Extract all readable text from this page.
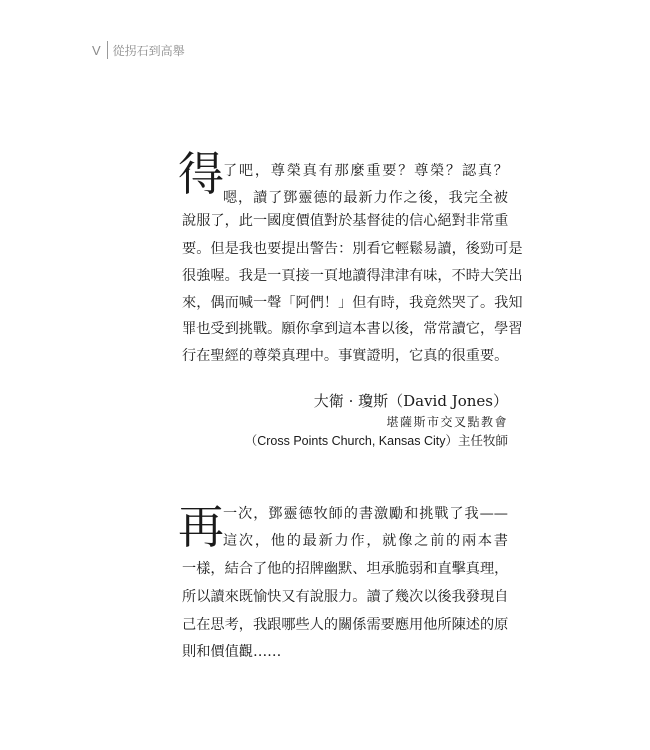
V 從拐石到高舉
得 了吧，尊榮真有那麼重要？尊榮？認真？
嗯，讀了鄧靈德的最新力作之後，我完全被
說服了，此一國度價值對於基督徒的信心絕對非常重
要。但是我也要提出警告：別看它輕鬆易讀，後勁可是
很強喔。我是一頁接一頁地讀得津津有味，不時大笑出
來，偶而喊一聲「阿們！」但有時，我竟然哭了。我知
罪也受到挑戰。願你拿到這本書以後，常常讀它，學習
行在聖經的尊榮真理中。事實證明，它真的很重要。
大衛 · 瓊斯（David Jones）
堪薩斯市交叉點教會
（Cross Points Church, Kansas City）主任牧師
再 一次，鄧靈德牧師的書激勵和挑戰了我——
這次，他的最新力作，就像之前的兩本書
一樣，結合了他的招牌幽默、坦承脆弱和直擊真理，
所以讀來既愉快又有說服力。讀了幾次以後我發現自
己在思考，我跟哪些人的關係需要應用他所陳述的原
則和價值觀……
